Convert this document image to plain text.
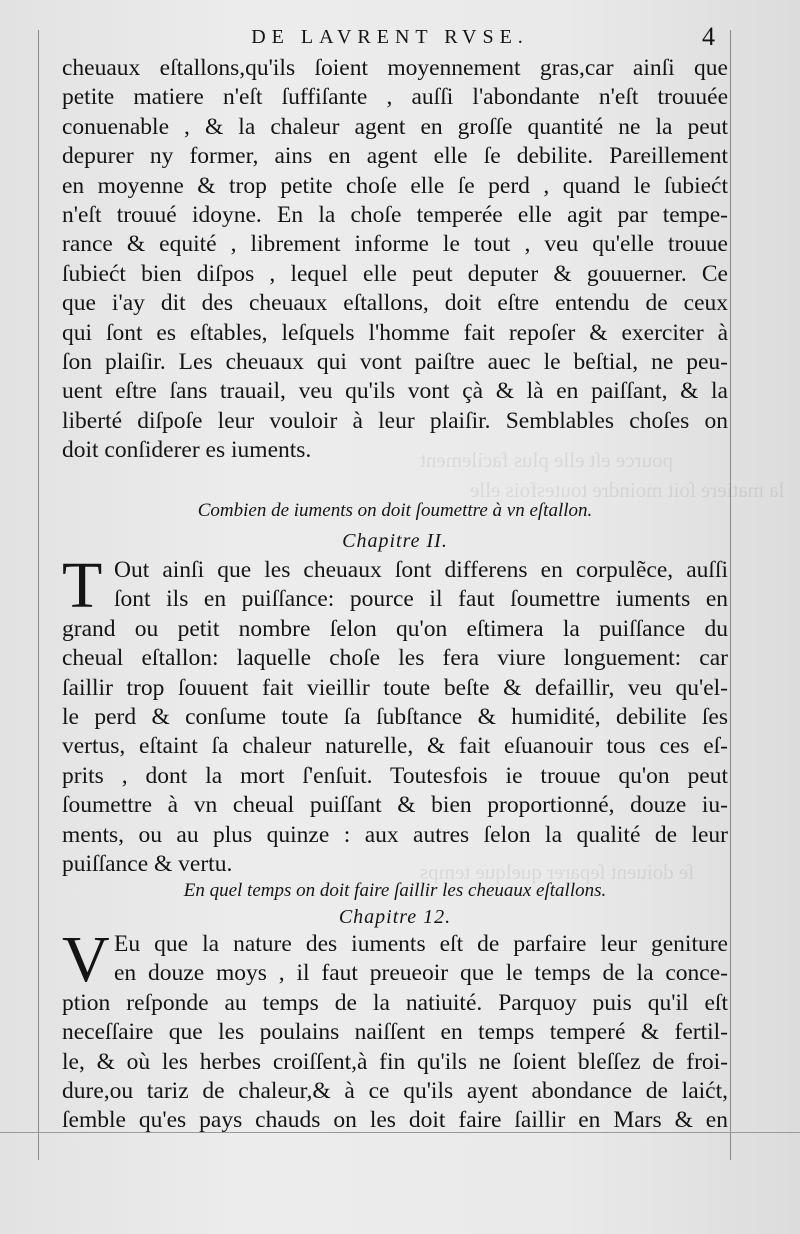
pource eſt elle plus facilement
la matiere ſoit moindre toutesfois elle
ſe doiuent ſeparer quelque temps
DE LAVRENT RVSE.	4
cheuaux eſtallons,qu'ils ſoient moyennement gras,car ainſi que
petite matiere n'eſt ſuffiſante , auſſi l'abondante n'eſt trouuée
conuenable , & la chaleur agent en groſſe quantité ne la peut
depurer ny former, ains en agent elle ſe debilite. Pareillement
en moyenne & trop petite choſe elle ſe perd , quand le ſubiećt
n'eſt trouué idoyne. En la choſe temperée elle agit par tempe-
rance & equité , librement informe le tout , veu qu'elle trouue
ſubiećt bien diſpos , lequel elle peut deputer & gouuerner. Ce
que i'ay dit des cheuaux eſtallons, doit eſtre entendu de ceux
qui ſont es eſtables, leſquels l'homme fait repoſer & exerciter à
ſon plaiſir. Les cheuaux qui vont paiſtre auec le beſtial, ne peu-
uent eſtre ſans trauail, veu qu'ils vont çà & là en paiſſant, & la
liberté diſpoſe leur vouloir à leur plaiſir. Semblables choſes on
doit conſiderer es iuments.
Combien de iuments on doit ſoumettre à vn eſtallon.
Chapitre II.
T Out ainſi que les cheuaux ſont differens en corpulẽce, auſſi
ſont ils en puiſſance: pource il faut ſoumettre iuments en
grand ou petit nombre ſelon qu'on eſtimera la puiſſance du
cheual eſtallon: laquelle choſe les fera viure longuement: car
ſaillir trop ſouuent fait vieillir toute beſte & defaillir, veu qu'el-
le perd & conſume toute ſa ſubſtance & humidité, debilite ſes
vertus, eſtaint ſa chaleur naturelle, & fait eſuanouir tous ces eſ-
prits , dont la mort ſ'enſuit. Toutesfois ie trouue qu'on peut
ſoumettre à vn cheual puiſſant & bien proportionné, douze iu-
ments, ou au plus quinze : aux autres ſelon la qualité de leur
puiſſance & vertu.
En quel temps on doit faire ſaillir les cheuaux eſtallons.
Chapitre 12.
V Eu que la nature des iuments eſt de parfaire leur geniture
en douze moys , il faut preueoir que le temps de la conce-
ption reſponde au temps de la natiuité. Parquoy puis qu'il eſt
neceſſaire que les poulains naiſſent en temps temperé & fertil-
le, & où les herbes croiſſent,à fin qu'ils ne ſoient bleſſez de froi-
dure,ou tariz de chaleur,& à ce qu'ils ayent abondance de laićt,
ſemble qu'es pays chauds on les doit faire ſaillir en Mars & en
